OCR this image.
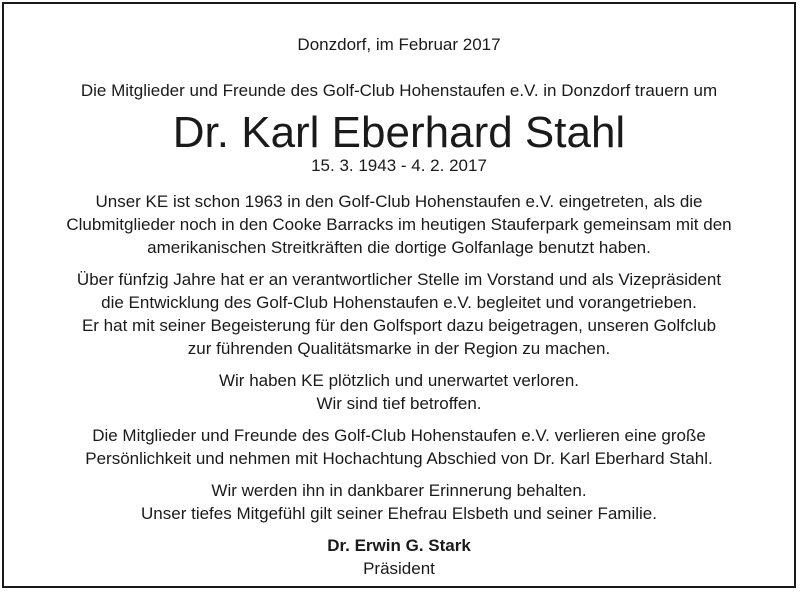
Donzdorf, im Februar 2017
Die Mitglieder und Freunde des Golf-Club Hohenstaufen e.V. in Donzdorf trauern um
Dr. Karl Eberhard Stahl
15. 3. 1943 - 4. 2. 2017
Unser KE ist schon 1963 in den Golf-Club Hohenstaufen e.V. eingetreten, als die
Clubmitglieder noch in den Cooke Barracks im heutigen Stauferpark gemeinsam mit den
amerikanischen Streitkräften die dortige Golfanlage benutzt haben.
Über fünfzig Jahre hat er an verantwortlicher Stelle im Vorstand und als Vizepräsident
die Entwicklung des Golf-Club Hohenstaufen e.V. begleitet und vorangetrieben.
Er hat mit seiner Begeisterung für den Golfsport dazu beigetragen, unseren Golfclub
zur führenden Qualitätsmarke in der Region zu machen.
Wir haben KE plötzlich und unerwartet verloren.
Wir sind tief betroffen.
Die Mitglieder und Freunde des Golf-Club Hohenstaufen e.V. verlieren eine große
Persönlichkeit und nehmen mit Hochachtung Abschied von Dr. Karl Eberhard Stahl.
Wir werden ihn in dankbarer Erinnerung behalten.
Unser tiefes Mitgefühl gilt seiner Ehefrau Elsbeth und seiner Familie.
Dr. Erwin G. Stark
Präsident
